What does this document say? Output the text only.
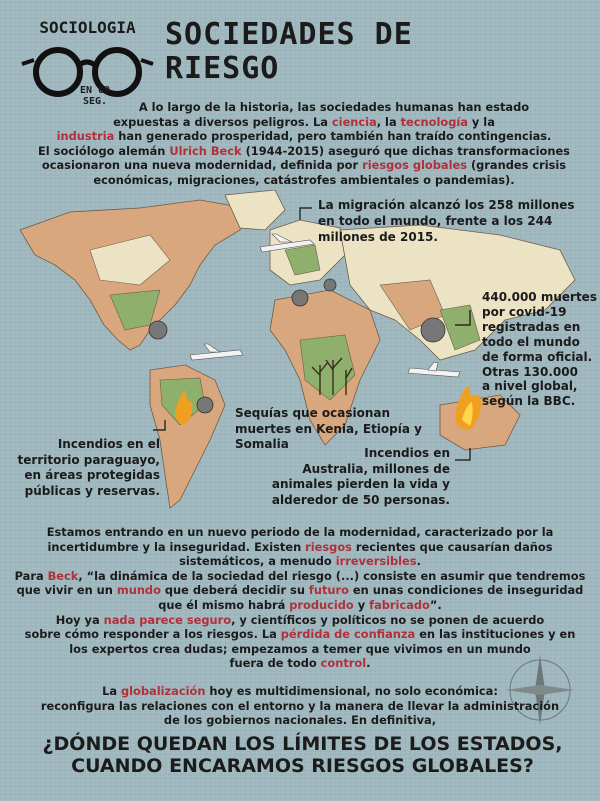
SOCIOLOGIA
EN 60 SEG.
SOCIEDADES DE
RIESGO
A lo largo de la historia, las sociedades humanas han estado
expuestas a diversos peligros. La ciencia, la tecnología y la
industria han generado prosperidad, pero también han traído contingencias.
El sociólogo alemán Ulrich Beck (1944-2015) aseguró que dichas transformaciones
ocasionaron una nueva modernidad, definida por riesgos globales (grandes crisis
económicas, migraciones, catástrofes ambientales o pandemias).
La migración alcanzó los 258 millones
en todo el mundo, frente a los 244
millones de 2015.
440.000 muertes
por covid-19
registradas en
todo el mundo
de forma oficial.
Otras 130.000
a nivel global,
según la BBC.
Sequías que ocasionan
muertes en Kenia, Etiopía y
Somalia
Incendios en el
territorio paraguayo,
en áreas protegidas
públicas y reservas.
Incendios en
Australia, millones de
animales pierden la vida y
alderedor de 50 personas.
Estamos entrando en un nuevo periodo de la modernidad, caracterizado por la
incertidumbre y la inseguridad. Existen riesgos recientes que causarían daños
sistemáticos, a menudo irreversibles.
Para Beck, “la dinámica de la sociedad del riesgo (...) consiste en asumir que tendremos
que vivir en un mundo que deberá decidir su futuro en unas condiciones de inseguridad
que él mismo habrá producido y fabricado”.
Hoy ya nada parece seguro, y científicos y políticos no se ponen de acuerdo
sobre cómo responder a los riesgos. La pérdida de confianza en las instituciones y en
los expertos crea dudas; empezamos a temer que vivimos en un mundo
fuera de todo control.
La globalización hoy es multidimensional, no solo económica:
reconfigura las relaciones con el entorno y la manera de llevar la administración
de los gobiernos nacionales. En definitiva,
¿DÓNDE QUEDAN LOS LÍMITES DE LOS ESTADOS,
CUANDO ENCARAMOS RIESGOS GLOBALES?
